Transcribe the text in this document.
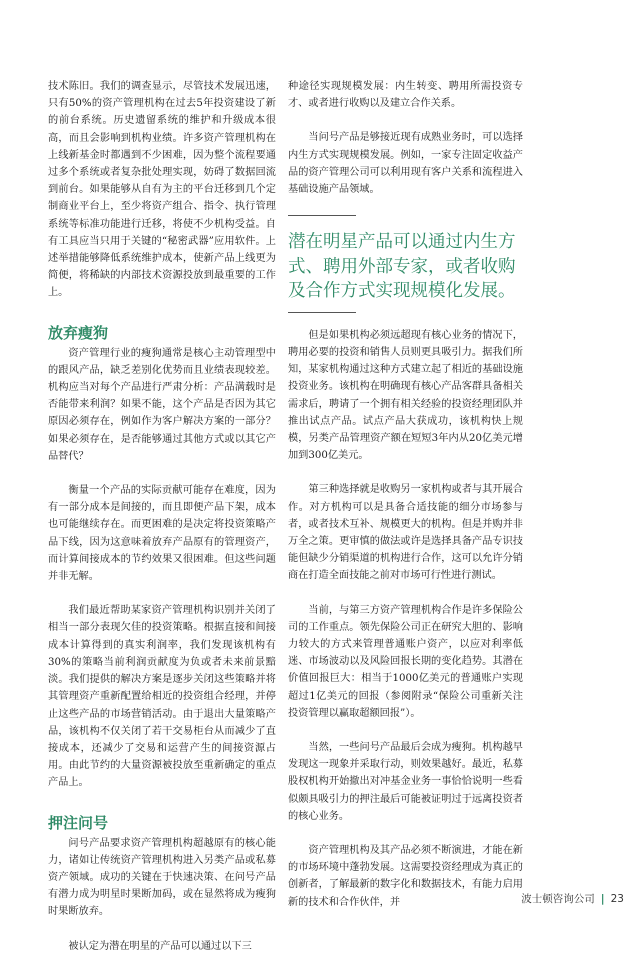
技术陈旧。我们的调查显示，尽管技术发展迅速，只有50%的资产管理机构在过去5年投资建设了新的前台系统。历史遗留系统的维护和升级成本很高，而且会影响到机构业绩。许多资产管理机构在上线新基金时都遇到不少困难，因为整个流程要通过多个系统或者复杂批处理实现，妨碍了数据回流到前台。如果能够从自有为主的平台迁移到几个定制商业平台上，至少将资产组合、指令、执行管理系统等标准功能进行迁移，将使不少机构受益。自有工具应当只用于关键的“秘密武器”应用软件。上述举措能够降低系统维护成本，使新产品上线更为简便，将稀缺的内部技术资源投放到最重要的工作上。

放弃瘦狗

资产管理行业的瘦狗通常是核心主动管理型中的跟风产品，缺乏差别化优势而且业绩表现较差。机构应当对每个产品进行严肃分析：产品满载时是否能带来利润？如果不能，这个产品是否因为其它原因必须存在，例如作为客户解决方案的一部分？如果必须存在，是否能够通过其他方式或以其它产品替代？

衡量一个产品的实际贡献可能存在难度，因为有一部分成本是间接的，而且即便产品下架，成本也可能继续存在。而更困难的是决定将投资策略产品下线，因为这意味着放弃产品原有的管理资产，而计算间接成本的节约效果又很困难。但这些问题并非无解。

我们最近帮助某家资产管理机构识别并关闭了相当一部分表现欠佳的投资策略。根据直接和间接成本计算得到的真实利润率，我们发现该机构有30%的策略当前利润贡献度为负或者未来前景黯淡。我们提供的解决方案是逐步关闭这些策略并将其管理资产重新配置给相近的投资组合经理，并停止这些产品的市场营销活动。由于退出大量策略产品，该机构不仅关闭了若干交易柜台从而减少了直接成本，还减少了交易和运营产生的间接资源占用。由此节约的大量资源被投放至重新确定的重点产品上。

押注问号

问号产品要求资产管理机构超越原有的核心能力，诸如让传统资产管理机构进入另类产品或私募资产领域。成功的关键在于快速决策、在问号产品有潜力成为明星时果断加码，或在显然将成为瘦狗时果断放弃。

被认定为潜在明星的产品可以通过以下三

种途径实现规模发展：内生转变、聘用所需投资专才、或者进行收购以及建立合作关系。

当问号产品是够接近现有成熟业务时，可以选择内生方式实现规模发展。例如，一家专注固定收益产品的资产管理公司可以利用现有客户关系和流程进入基础设施产品领域。

潜在明星产品可以通过内生方式、聘用外部专家，或者收购及合作方式实现规模化发展。

但是如果机构必须远超现有核心业务的情况下，聘用必要的投资和销售人员则更具吸引力。据我们所知，某家机构通过这种方式建立起了相近的基础设施投资业务。该机构在明确现有核心产品客群具备相关需求后，聘请了一个拥有相关经验的投资经理团队并推出试点产品。试点产品大获成功，该机构快上规模，另类产品管理资产额在短短3年内从20亿美元增加到300亿美元。

第三种选择就是收购另一家机构或者与其开展合作。对方机构可以是具备合适技能的细分市场参与者，或者技术互补、规模更大的机构。但是并购并非万全之策。更审慎的做法或许是选择具备产品专识技能但缺少分销渠道的机构进行合作，这可以允许分销商在打造全面技能之前对市场可行性进行测试。

当前，与第三方资产管理机构合作是许多保险公司的工作重点。领先保险公司正在研究大胆的、影响力较大的方式来管理普通账户资产，以应对利率低迷、市场波动以及风险回报长期的变化趋势。其潜在价值回报巨大：相当于1000亿美元的普通账户实现超过1亿美元的回报（参阅附录“保险公司重新关注投资管理以赢取超额回报”）。

当然，一些问号产品最后会成为瘦狗。机构越早发现这一现象并采取行动，则效果越好。最近，私募股权机构开始撤出对冲基金业务一事恰恰说明一些看似颇具吸引力的押注最后可能被证明过于远离投资者的核心业务。

资产管理机构及其产品必须不断演进，才能在新的市场环境中蓬勃发展。这需要投资经理成为真正的创新者，了解最新的数字化和数据技术，有能力启用新的技术和合作伙伴，并	波士顿咨询公司 | 23
